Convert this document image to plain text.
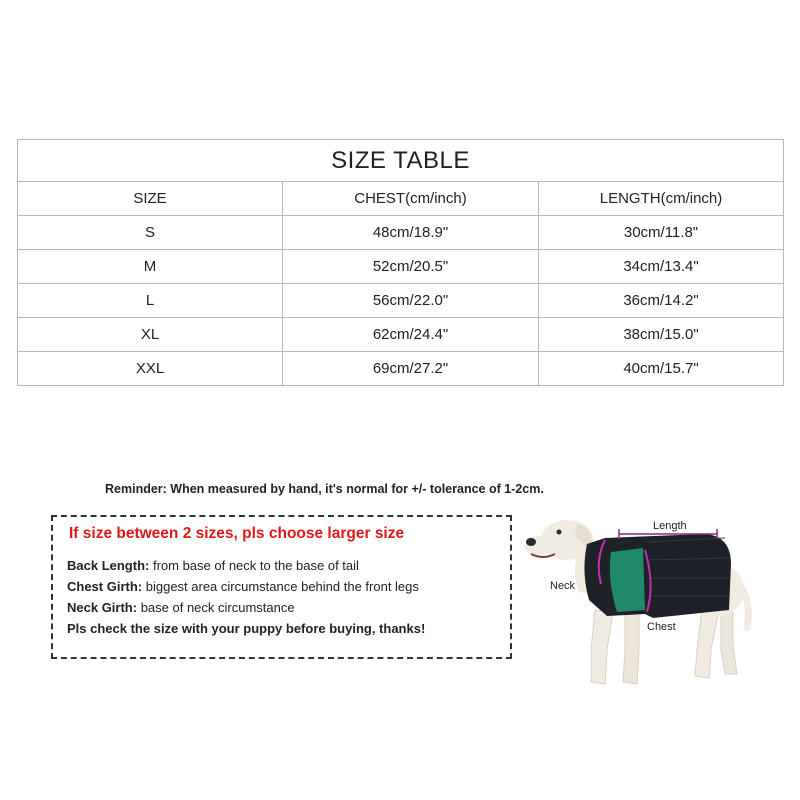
SIZE TABLE		
SIZE	CHEST(cm/inch)	LENGTH(cm/inch)
S	48cm/18.9"	30cm/11.8"
M	52cm/20.5"	34cm/13.4"
L	56cm/22.0"	36cm/14.2"
XL	62cm/24.4"	38cm/15.0"
XXL	69cm/27.2"	40cm/15.7"
Reminder: When measured by hand, it's normal for +/- tolerance of 1-2cm.
If size between 2 sizes, pls choose larger size
Back Length: from base of neck to the base of tail
Chest Girth: biggest area circumstance behind the front legs
Neck Girth: base of neck circumstance
Pls check the size with your puppy before buying, thanks!
Length
Neck
Chest
